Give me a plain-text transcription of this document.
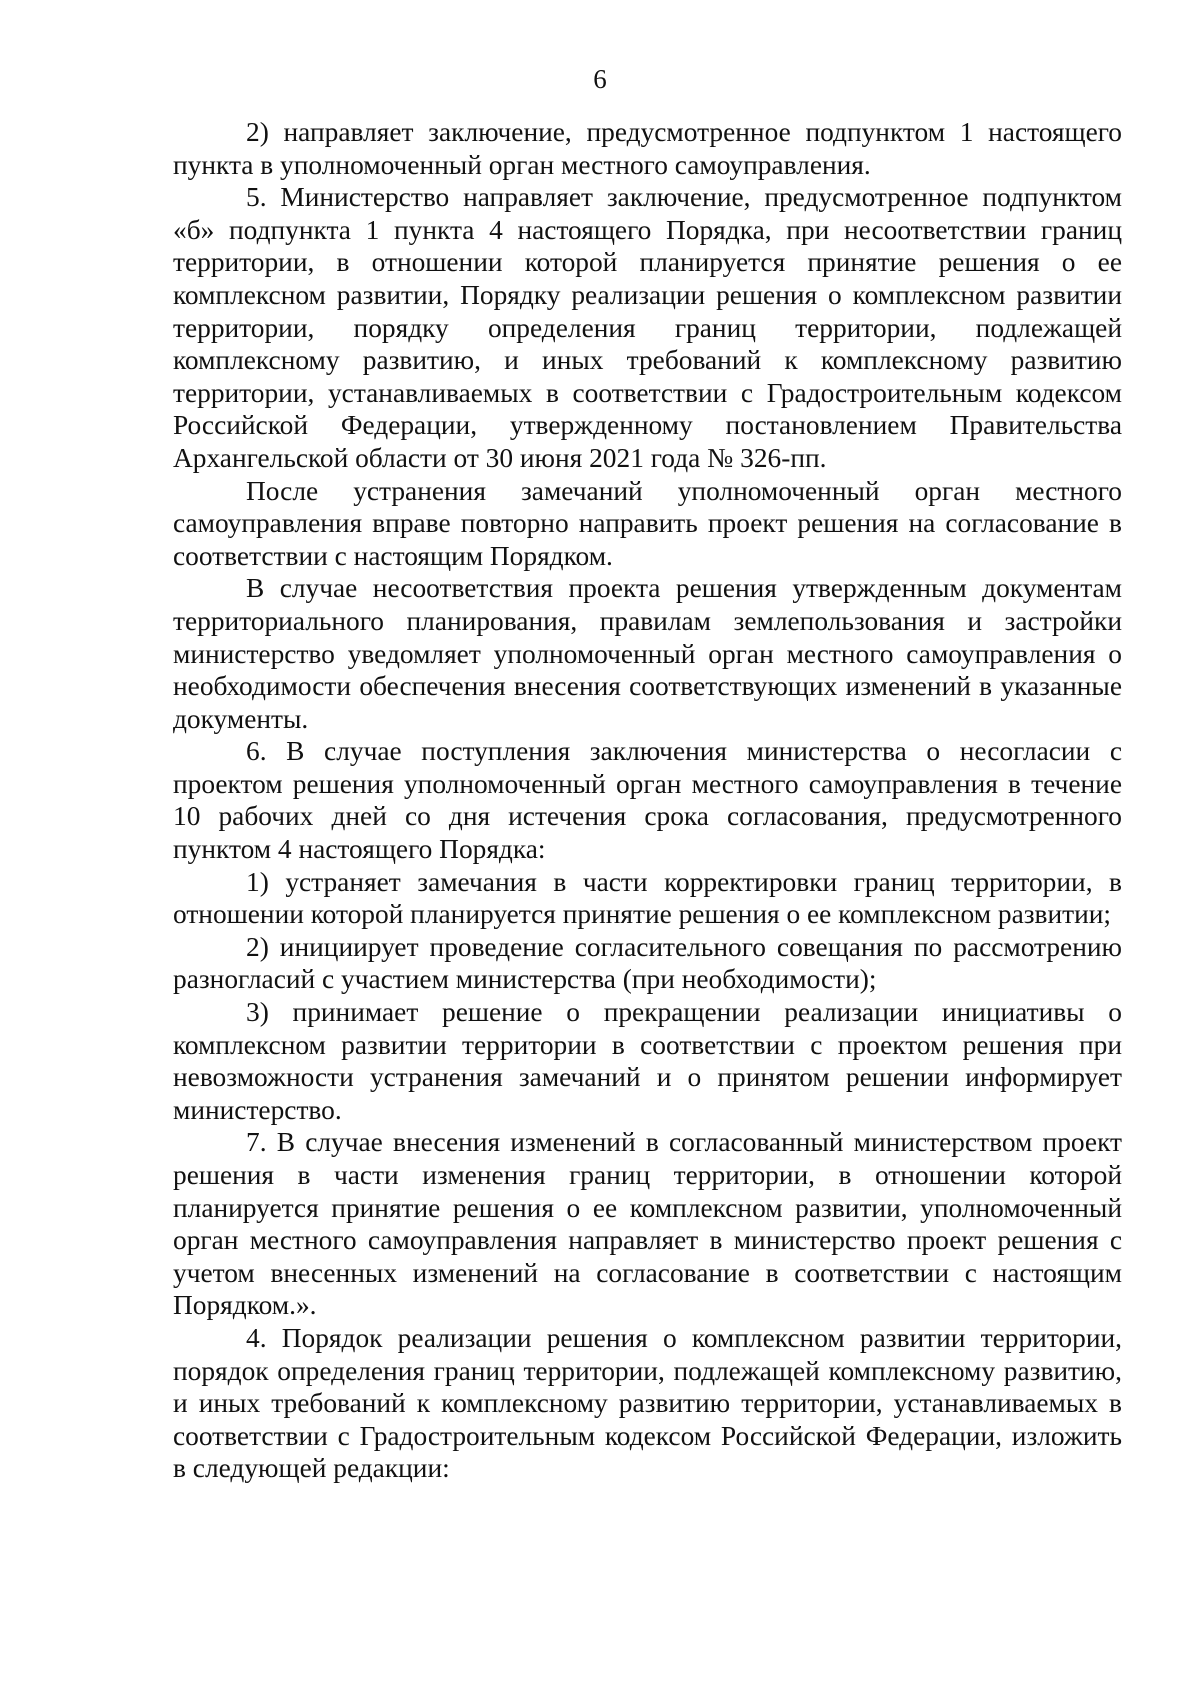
6

2) направляет заключение, предусмотренное подпунктом 1 настоящего пункта в уполномоченный орган местного самоуправления.

5. Министерство направляет заключение, предусмотренное подпунктом «б» подпункта 1 пункта 4 настоящего Порядка, при несоответствии границ территории, в отношении которой планируется принятие решения о ее комплексном развитии, Порядку реализации решения о комплексном развитии территории, порядку определения границ территории, подлежащей комплексному развитию, и иных требований к комплексному развитию территории, устанавливаемых в соответствии с Градостроительным кодексом Российской Федерации, утвержденному постановлением Правительства Архангельской области от 30 июня 2021 года № 326-пп.

После устранения замечаний уполномоченный орган местного самоуправления вправе повторно направить проект решения на согласование в соответствии с настоящим Порядком.

В случае несоответствия проекта решения утвержденным документам территориального планирования, правилам землепользования и застройки министерство уведомляет уполномоченный орган местного самоуправления о необходимости обеспечения внесения соответствующих изменений в указанные документы.

6. В случае поступления заключения министерства о несогласии с проектом решения уполномоченный орган местного самоуправления в течение 10 рабочих дней со дня истечения срока согласования, предусмотренного пунктом 4 настоящего Порядка:

1) устраняет замечания в части корректировки границ территории, в отношении которой планируется принятие решения о ее комплексном развитии;

2) инициирует проведение согласительного совещания по рассмотрению разногласий с участием министерства (при необходимости);

3) принимает решение о прекращении реализации инициативы о комплексном развитии территории в соответствии с проектом решения при невозможности устранения замечаний и о принятом решении информирует министерство.

7. В случае внесения изменений в согласованный министерством проект решения в части изменения границ территории, в отношении которой планируется принятие решения о ее комплексном развитии, уполномоченный орган местного самоуправления направляет в министерство проект решения с учетом внесенных изменений на согласование в соответствии с настоящим Порядком.».

4. Порядок реализации решения о комплексном развитии территории, порядок определения границ территории, подлежащей комплексному развитию, и иных требований к комплексному развитию территории, устанавливаемых в соответствии с Градостроительным кодексом Российской Федерации, изложить в следующей редакции:
